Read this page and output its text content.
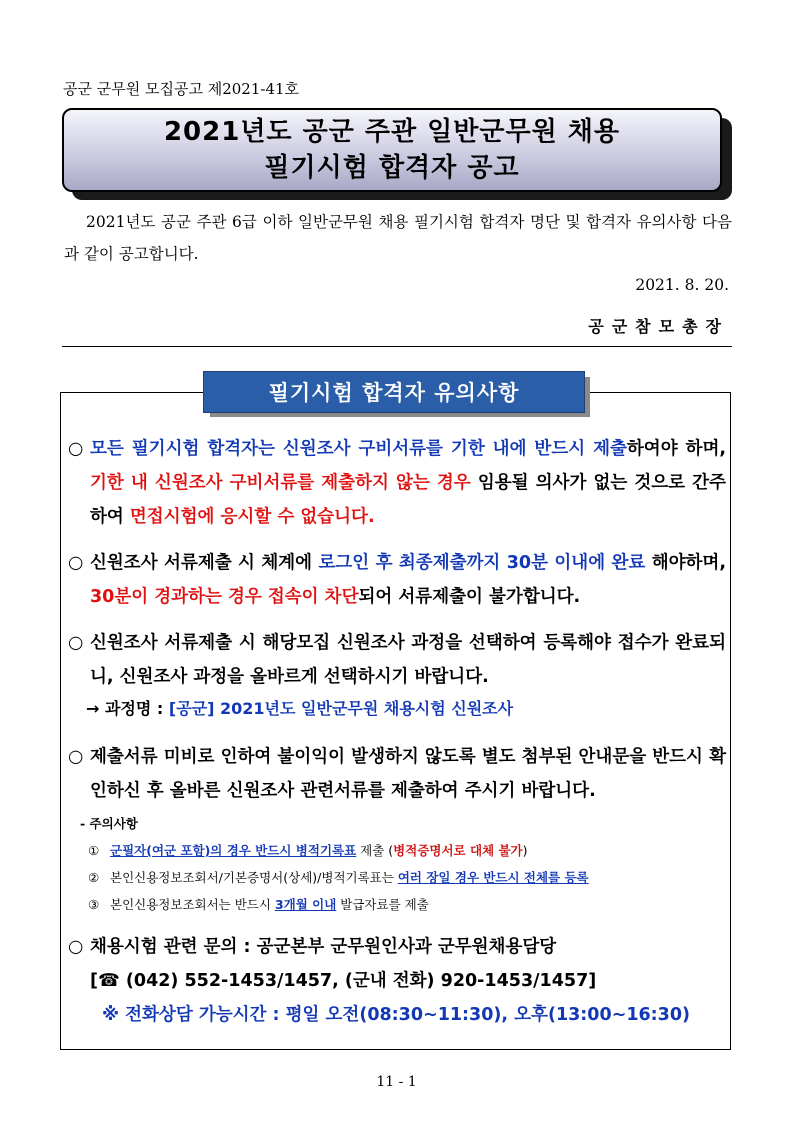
공군 군무원 모집공고 제2021-41호
2021년도 공군 주관 일반군무원 채용
필기시험 합격자 공고

2021년도 공군 주관 6급 이하 일반군무원 채용 필기시험 합격자 명단 및 합격자 유의사항 다음과 같이 공고합니다.

2021. 8. 20.
공군참모총장
필기시험 합격자 유의사항
○ 모든 필기시험 합격자는 신원조사 구비서류를 기한 내에 반드시 제출하여야 하며, 기한 내 신원조사 구비서류를 제출하지 않는 경우 임용될 의사가 없는 것으로 간주하여 면접시험에 응시할 수 없습니다.
○ 신원조사 서류제출 시 체계에 로그인 후 최종제출까지 30분 이내에 완료 해야하며, 30분이 경과하는 경우 접속이 차단되어 서류제출이 불가합니다.
○ 신원조사 서류제출 시 해당모집 신원조사 과정을 선택하여 등록해야 접수가 완료되니, 신원조사 과정을 올바르게 선택하시기 바랍니다.
→ 과정명 : [공군] 2021년도 일반군무원 채용시험 신원조사
○ 제출서류 미비로 인하여 불이익이 발생하지 않도록 별도 첨부된 안내문을 반드시 확인하신 후 올바른 신원조사 관련서류를 제출하여 주시기 바랍니다.
- 주의사항
① 군필자(여군 포함)의 경우 반드시 병적기록표 제출 (병적증명서로 대체 불가)
② 본인신용정보조회서/기본증명서(상세)/병적기록표는 여러 장일 경우 반드시 전체를 등록
③ 본인신용정보조회서는 반드시 3개월 이내 발급자료를 제출
○ 채용시험 관련 문의 : 공군본부 군무원인사과 군무원채용담당
[☎ (042) 552-1453/1457, (군내 전화) 920-1453/1457]
※ 전화상담 가능시간 : 평일 오전(08:30∼11:30), 오후(13:00∼16:30)
11 - 1
